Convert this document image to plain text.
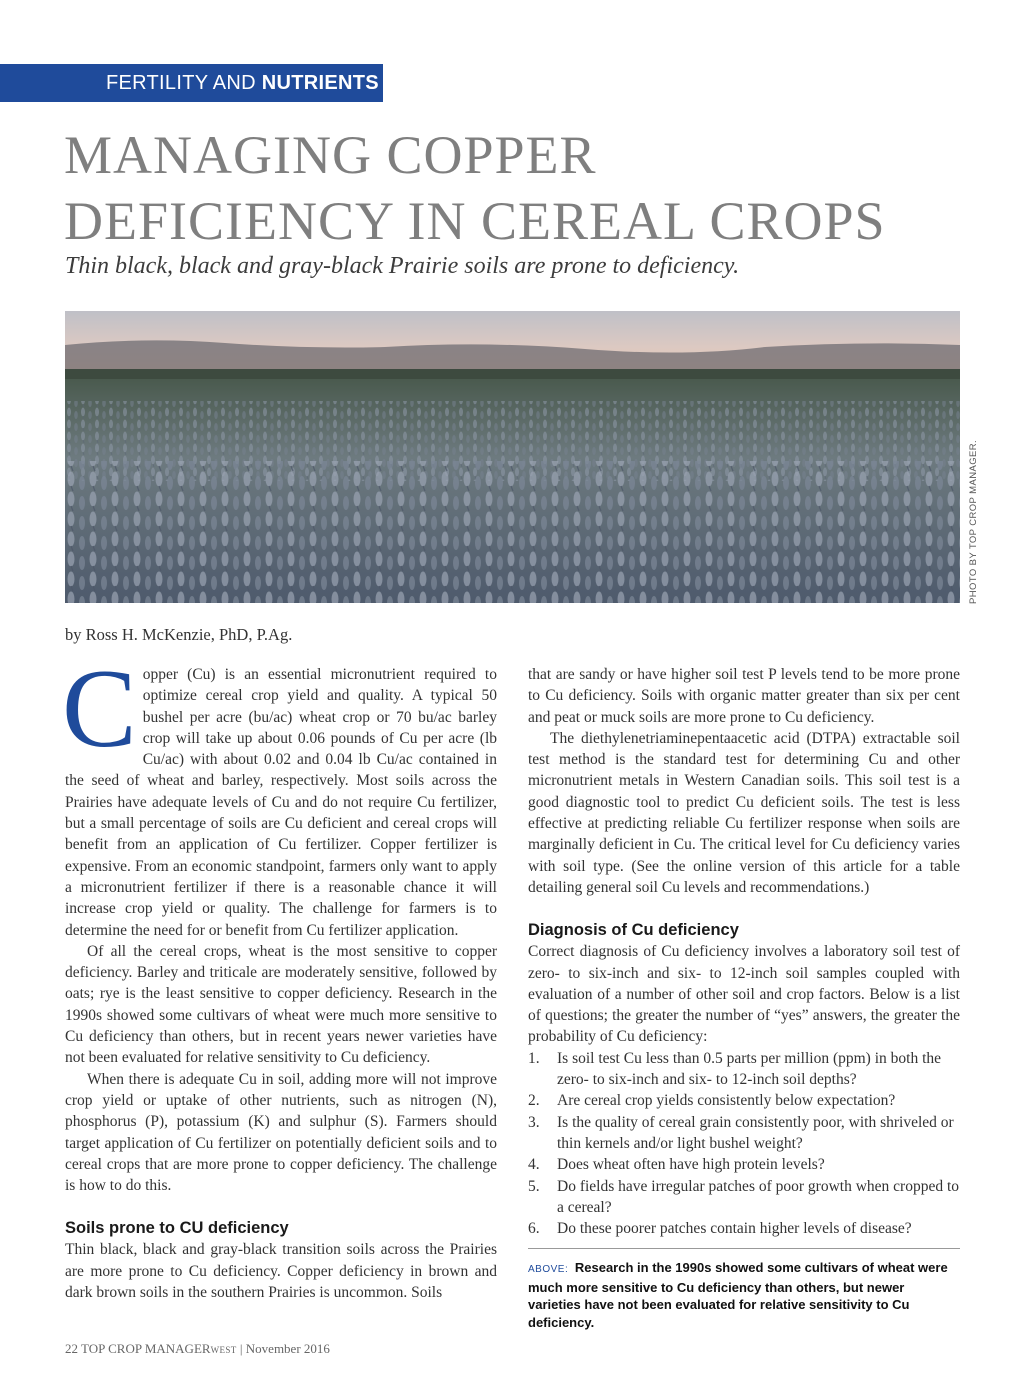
FERTILITY AND NUTRIENTS
MANAGING COPPER
DEFICIENCY IN CEREAL CROPS
Thin black, black and gray-black Prairie soils are prone to deficiency.
PHOTO BY TOP CROP MANAGER.
by Ross H. McKenzie, PhD, P.Ag.

Copper (Cu) is an essential micronutrient required to optimize cereal crop yield and quality. A typical 50 bushel per acre (bu/ac) wheat crop or 70 bu/ac barley crop will take up about 0.06 pounds of Cu per acre (lb Cu/ac) with about 0.02 and 0.04 lb Cu/ac contained in the seed of wheat and barley, respectively. Most soils across the Prairies have adequate levels of Cu and do not require Cu fertilizer, but a small percentage of soils are Cu deficient and cereal crops will benefit from an application of Cu fertilizer. Copper fertilizer is expensive. From an economic standpoint, farmers only want to apply a micronutrient fertilizer if there is a reasonable chance it will increase crop yield or quality. The challenge for farmers is to determine the need for or benefit from Cu fertilizer application.

Of all the cereal crops, wheat is the most sensitive to copper deficiency. Barley and triticale are moderately sensitive, followed by oats; rye is the least sensitive to copper deficiency. Research in the 1990s showed some cultivars of wheat were much more sensitive to Cu deficiency than others, but in recent years newer varieties have not been evaluated for relative sensitivity to Cu deficiency.

When there is adequate Cu in soil, adding more will not improve crop yield or uptake of other nutrients, such as nitrogen (N), phosphorus (P), potassium (K) and sulphur (S). Farmers should target application of Cu fertilizer on potentially deficient soils and to cereal crops that are more prone to copper deficiency. The challenge is how to do this.

Soils prone to CU deficiency

Thin black, black and gray-black transition soils across the Prairies are more prone to Cu deficiency. Copper deficiency in brown and dark brown soils in the southern Prairies is uncommon. Soils

that are sandy or have higher soil test P levels tend to be more prone to Cu deficiency. Soils with organic matter greater than six per cent and peat or muck soils are more prone to Cu deficiency.

The diethylenetriaminepentaacetic acid (DTPA) extractable soil test method is the standard test for determining Cu and other micronutrient metals in Western Canadian soils. This soil test is a good diagnostic tool to predict Cu deficient soils. The test is less effective at predicting reliable Cu fertilizer response when soils are marginally deficient in Cu. The critical level for Cu deficiency varies with soil type. (See the online version of this article for a table detailing general soil Cu levels and recommendations.)

Diagnosis of Cu deficiency

Correct diagnosis of Cu deficiency involves a laboratory soil test of zero- to six-inch and six- to 12-inch soil samples coupled with evaluation of a number of other soil and crop factors. Below is a list of questions; the greater the number of “yes” answers, the greater the probability of Cu deficiency:

1. Is soil test Cu less than 0.5 parts per million (ppm) in both the zero- to six-inch and six- to 12-inch soil depths?
2. Are cereal crop yields consistently below expectation?
3. Is the quality of cereal grain consistently poor, with shriveled or thin kernels and/or light bushel weight?
4. Does wheat often have high protein levels?
5. Do fields have irregular patches of poor growth when cropped to a cereal?
6. Do these poorer patches contain higher levels of disease?
ABOVE: Research in the 1990s showed some cultivars of wheat were much more sensitive to Cu deficiency than others, but newer varieties have not been evaluated for relative sensitivity to Cu deficiency.
22 TOP CROP MANAGERWEST | November 2016
